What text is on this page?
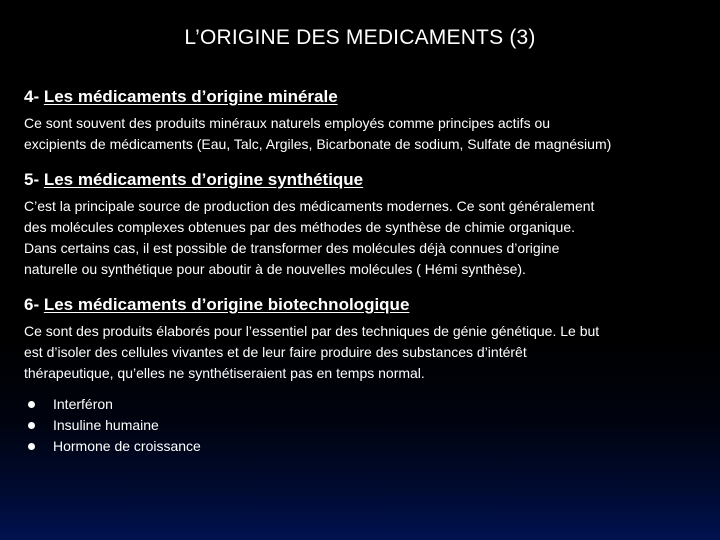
L’ORIGINE DES MEDICAMENTS (3)
4- Les médicaments d’origine minérale

Ce sont souvent des produits minéraux naturels employés comme principes actifs ou
excipients de médicaments (Eau, Talc, Argiles, Bicarbonate de sodium, Sulfate de magnésium)

5- Les médicaments d’origine synthétique

C’est la principale source de production des médicaments modernes. Ce sont généralement
des molécules complexes obtenues par des méthodes de synthèse de chimie organique.
Dans certains cas, il est possible de transformer des molécules déjà connues d’origine
naturelle ou synthétique pour aboutir à de nouvelles molécules ( Hémi synthèse).

6- Les médicaments d’origine biotechnologique

Ce sont des produits élaborés pour l’essentiel par des techniques de génie génétique. Le but
est d’isoler des cellules vivantes et de leur faire produire des substances d’intérêt
thérapeutique, qu’elles ne synthétiseraient pas en temps normal.

Interféron
Insuline humaine
Hormone de croissance
